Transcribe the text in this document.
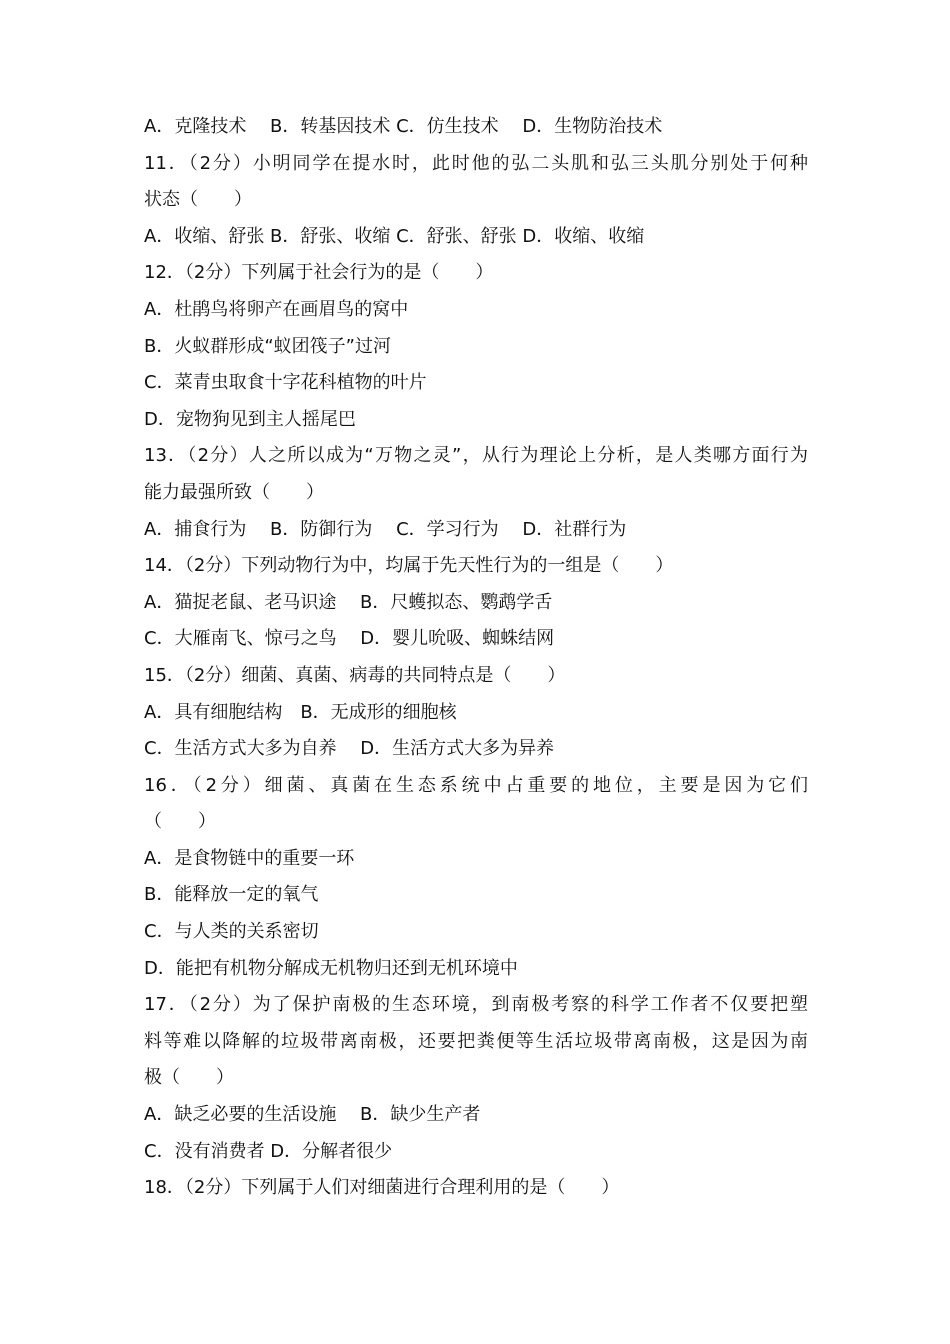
A．克隆技术　 B．转基因技术 C．仿生技术　 D．生物防治技术
11．（2分）小明同学在提水时，此时他的弘二头肌和弘三头肌分别处于何种
状态（　　）
A．收缩、舒张 B．舒张、收缩 C．舒张、舒张 D．收缩、收缩
12．（2分）下列属于社会行为的是（　　）
A．杜鹃鸟将卵产在画眉鸟的窝中
B．火蚁群形成“蚁团筏子”过河
C．菜青虫取食十字花科植物的叶片
D．宠物狗见到主人摇尾巴
13．（2分）人之所以成为“万物之灵”，从行为理论上分析，是人类哪方面行为
能力最强所致（　　）
A．捕食行为　 B．防御行为　 C．学习行为　 D．社群行为
14．（2分）下列动物行为中，均属于先天性行为的一组是（　　）
A．猫捉老鼠、老马识途　 B．尺蠖拟态、鹦鹉学舌
C．大雁南飞、惊弓之鸟　 D．婴儿吮吸、蜘蛛结网
15．（2分）细菌、真菌、病毒的共同特点是（　　）
A．具有细胞结构　B．无成形的细胞核
C．生活方式大多为自养　 D．生活方式大多为异养
16．（2分）细菌、真菌在生态系统中占重要的地位，主要是因为它们
（　　）
A．是食物链中的重要一环
B．能释放一定的氧气
C．与人类的关系密切
D．能把有机物分解成无机物归还到无机环境中
17．（2分）为了保护南极的生态环境，到南极考察的科学工作者不仅要把塑
料等难以降解的垃圾带离南极，还要把粪便等生活垃圾带离南极，这是因为南
极（　　）
A．缺乏必要的生活设施　 B．缺少生产者
C．没有消费者 D．分解者很少
18．（2分）下列属于人们对细菌进行合理利用的是（　　）
